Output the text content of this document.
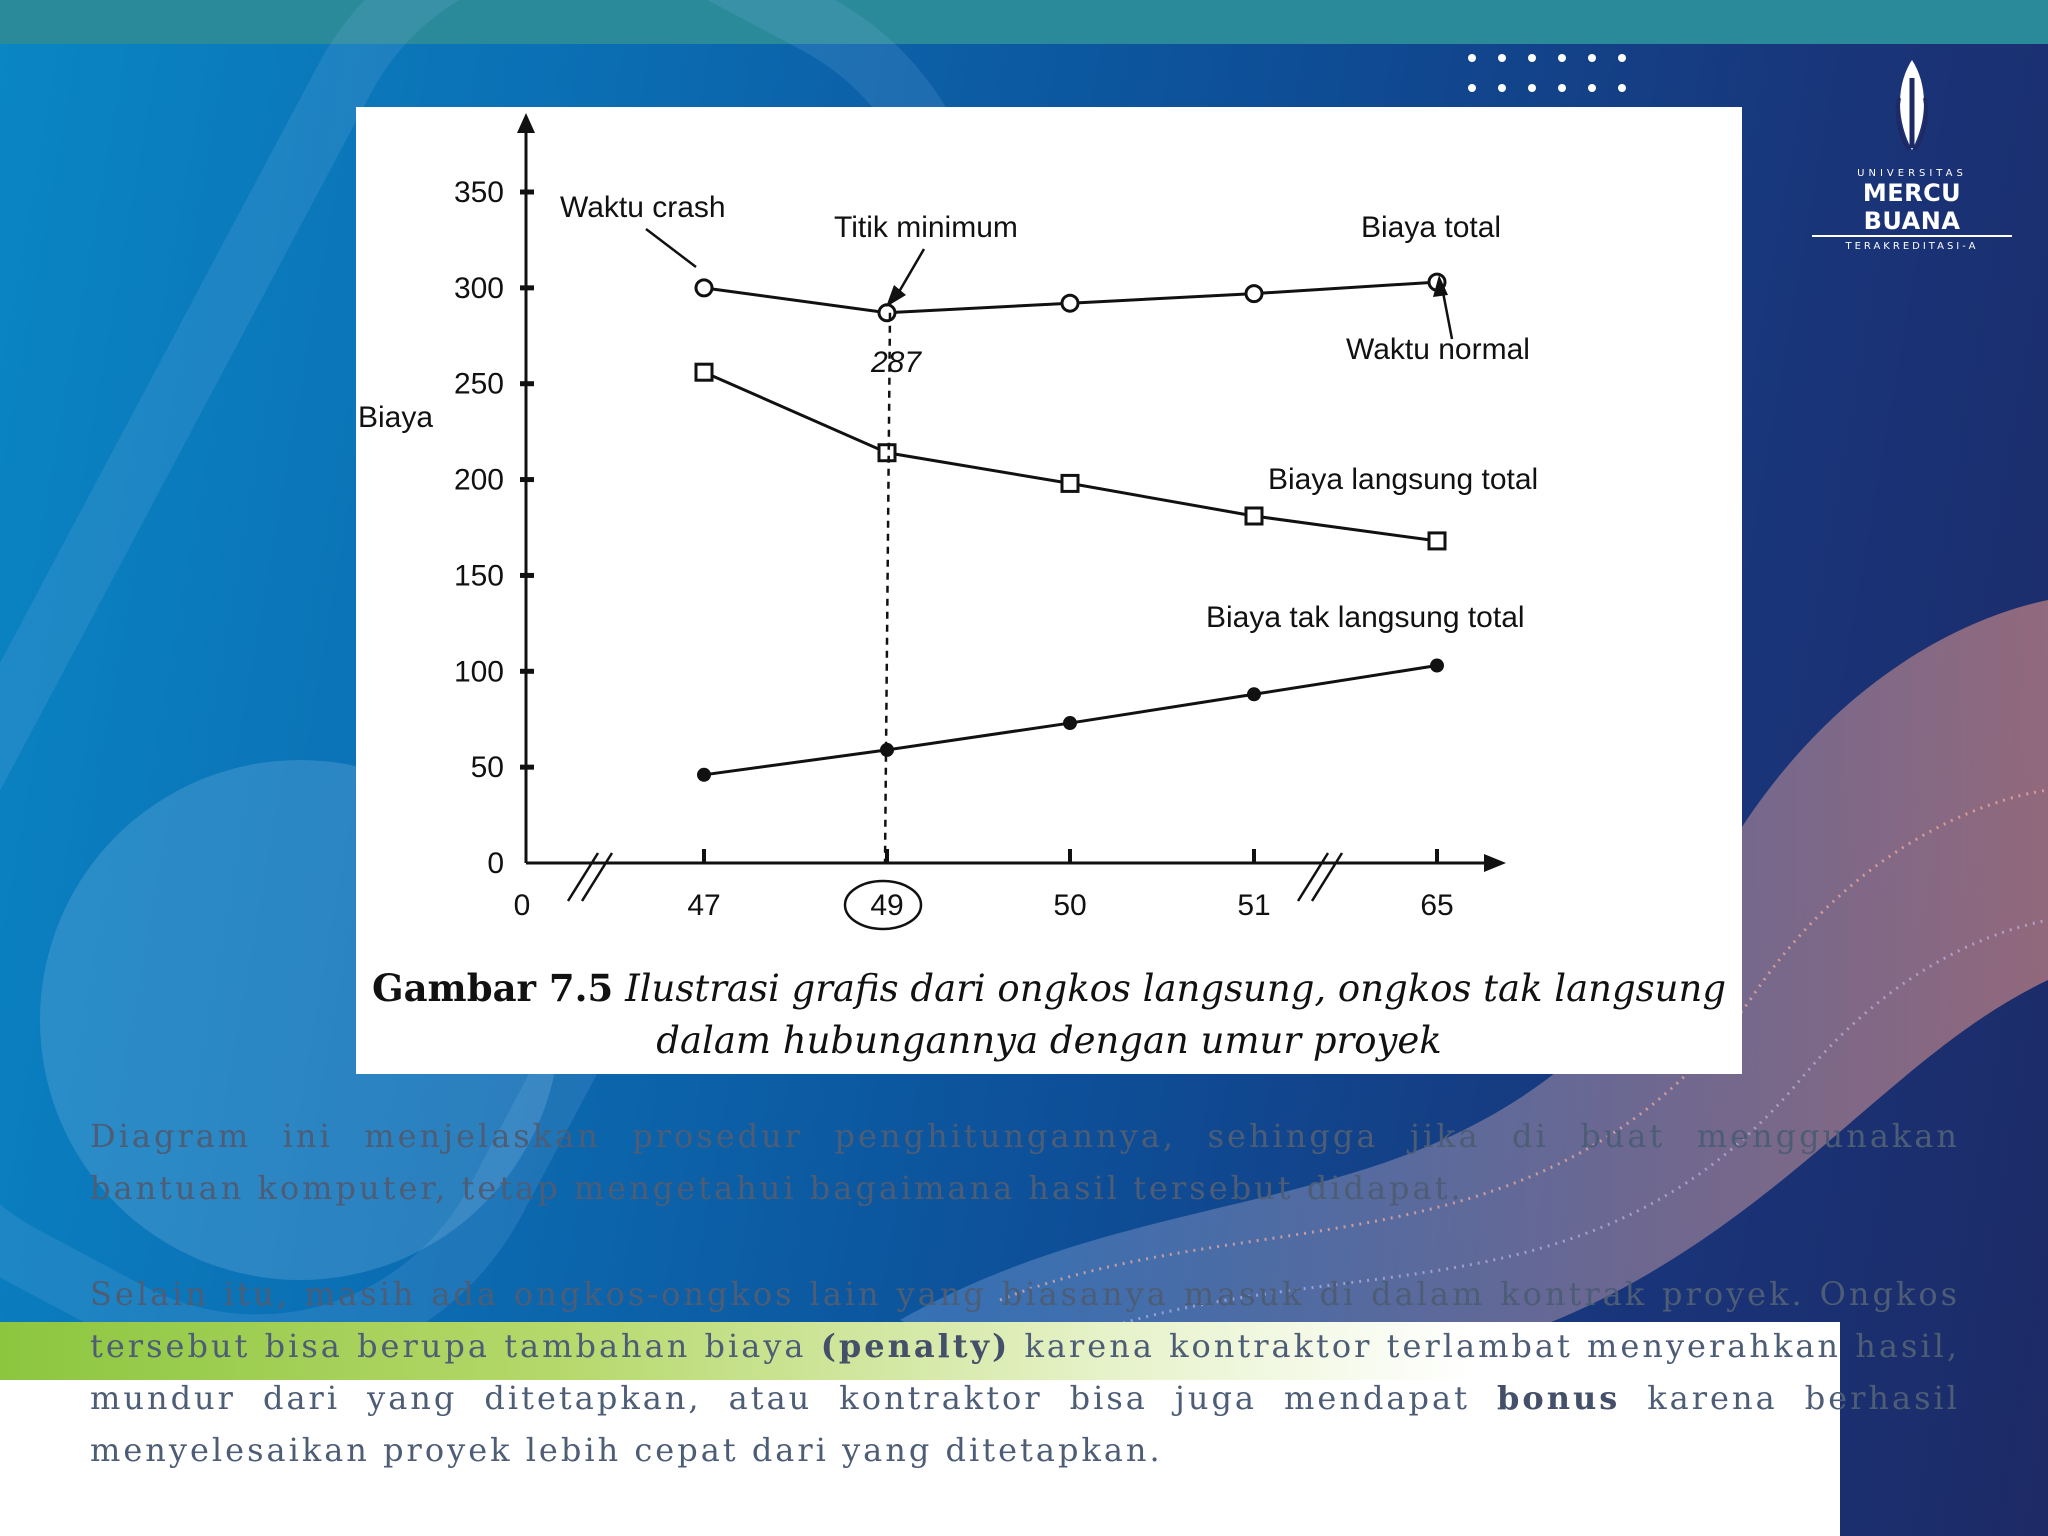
UNIVERSITAS
MERCU BUANA
TERAKREDITASI-A
0
50
100
150
200
250
300
350
0	47	49	50	51	65
Biaya
Biaya total
Biaya langsung total
Biaya tak langsung total
Waktu crash
Titik minimum
287	Waktu normal
Gambar 7.5 Ilustrasi grafis dari ongkos langsung, ongkos tak langsung
dalam hubungannya dengan umur proyek
Diagram ini menjelaskan prosedur penghitungannya, sehingga jika di buat menggunakan bantuan komputer, tetap mengetahui bagaimana hasil tersebut didapat.
Selain itu, masih ada ongkos-ongkos lain yang biasanya masuk di dalam kontrak proyek. Ongkos tersebut bisa berupa tambahan biaya (penalty) karena kontraktor terlambat menyerahkan hasil, mundur dari yang ditetapkan, atau kontraktor bisa juga mendapat bonus karena berhasil menyelesaikan proyek lebih cepat dari yang ditetapkan.
